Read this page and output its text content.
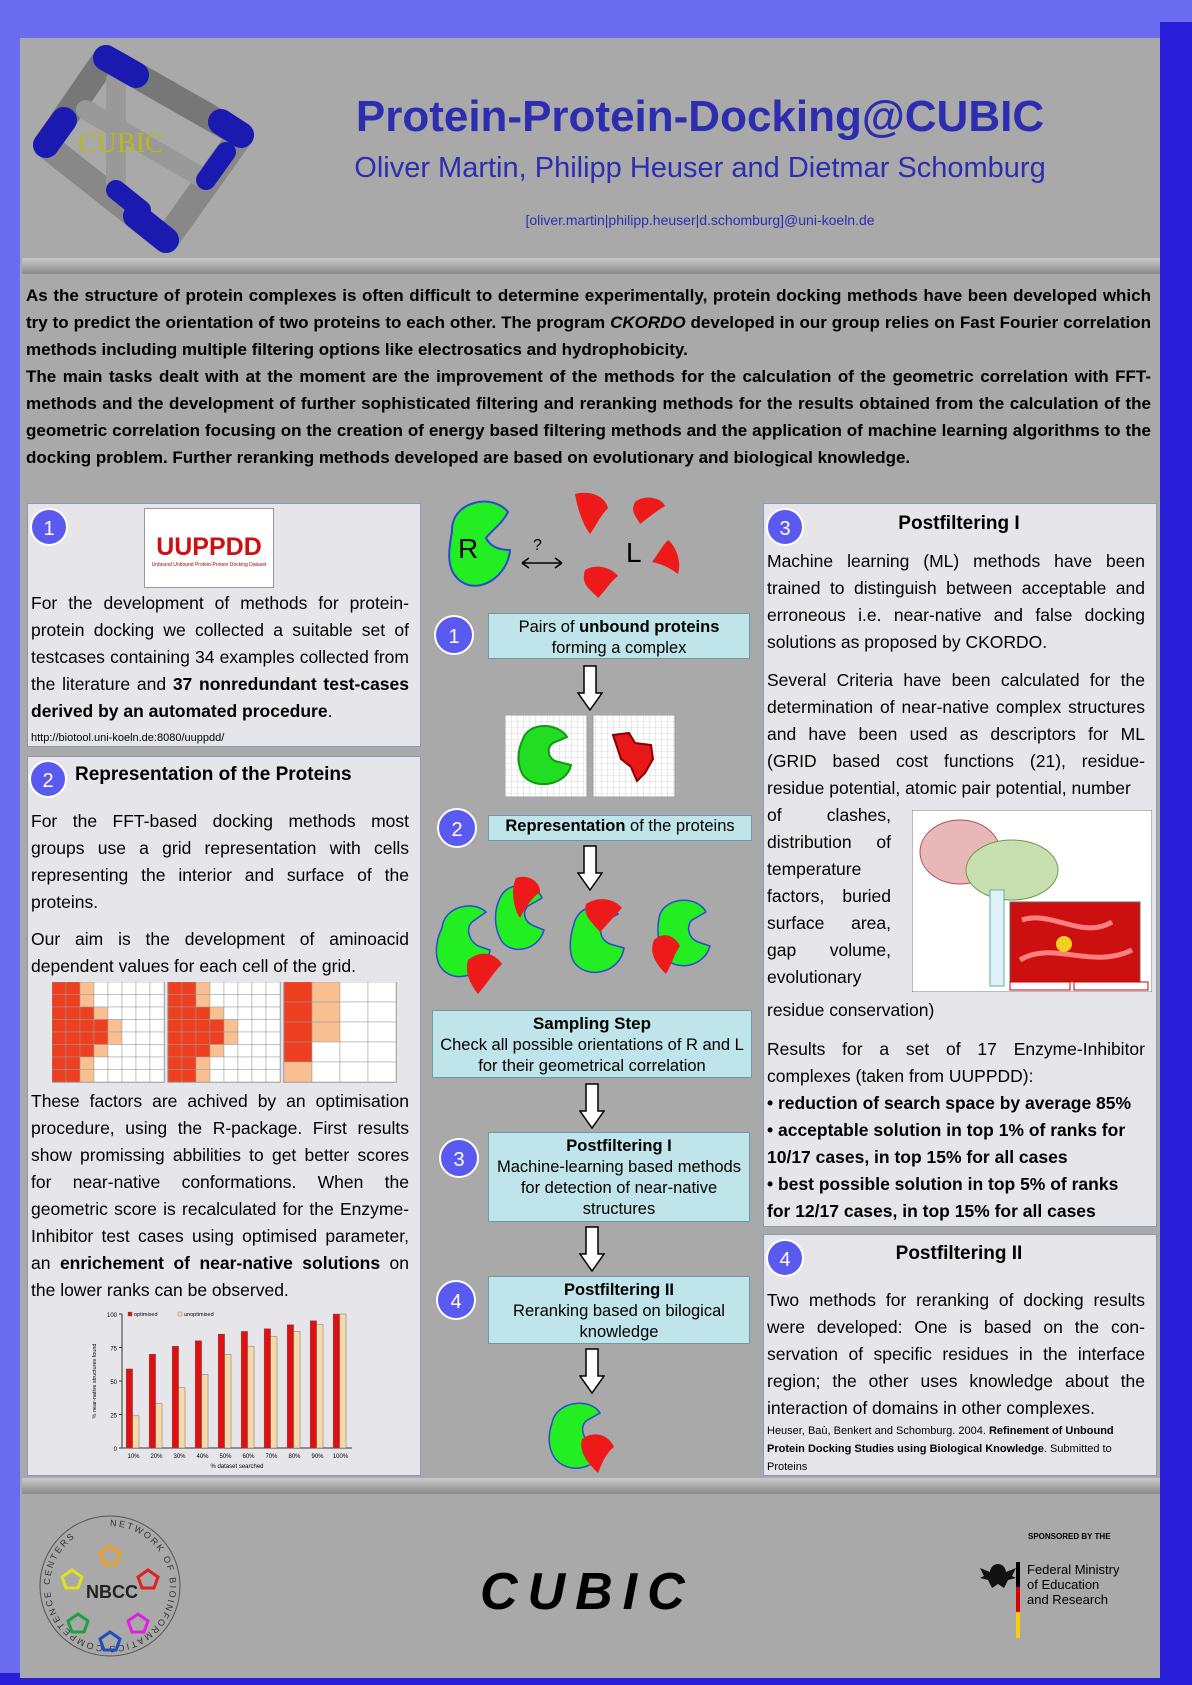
CUBIC
Protein-Protein-Docking@CUBIC
Oliver Martin, Philipp Heuser and Dietmar Schomburg
[oliver.martin|philipp.heuser|d.schomburg]@uni-koeln.de
As the structure of protein complexes is often difficult to determine experimentally, protein docking methods have been developed which try to predict the orientation of two proteins to each other. The program CKORDO developed in our group relies on Fast Fourier correlation methods including multiple filtering options like electrosatics and hydrophobicity.
The main tasks dealt with at the moment are the improvement of the methods for the calculation of the geometric correlation with FFT-methods and the development of further sophisticated filtering and reranking methods for the results obtained from the calculation of the geometric correlation focusing on the creation of energy based filtering methods and the application of machine learning algorithms to the docking problem. Further reranking methods developed are based on evolutionary and biological knowledge.
1
UUPPDD
Unbound Unbound Protein-Protein Docking Dataset
For the development of methods for protein-protein docking we collected a suitable set of testcases containing 34 examples collected from the literature and 37 nonredundant test-cases derived by an automated procedure.
http://biotool.uni-koeln.de:8080/uuppdd/
2	Representation of the Proteins
For the FFT-based docking methods most groups use a grid representation with cells representing the interior and surface of the proteins.
Our aim is the development of aminoacid dependent values for each cell of the grid.
These factors are achived by an optimisation procedure, using the R-package. First results show promissing abbilities to get better scores for near-native conformations. When the geometric score is recalculated for the Enzyme-Inhibitor test cases using optimised parameter, an enrichement of near-native solutions on the lower ranks can be observed.
0
25
50
75
100
10% 20% 30% 40% 50% 60% 70% 80% 90% 100%
% dataset searched
% near-native structures found
optimised	unoptimised
R	?	L
1	Pairs of unbound proteins
forming a complex
2	Representation of the proteins
Sampling Step
Check all possible orientations of R and L for their geometrical correlation
3
Postfiltering I
Machine-learning based methods for detection of near-native structures
4
Postfiltering II
Reranking based on bilogical knowledge
3	Postfiltering I
Machine learning (ML) methods have been trained to distinguish between acceptable and erroneous i.e. near-native and false docking solutions as proposed by CKORDO.
Several Criteria have been calculated for the determination of near-native complex structures and have been used as descriptors for ML (GRID based cost functions (21), residue-residue potential, atomic pair potential, number
of clashes, distribution of temperature factors, buried surface area, gap volume, evolutionary
residue conservation)
Results for a set of 17 Enzyme-Inhibitor complexes (taken from UUPPDD):
• reduction of search space by average 85%
• acceptable solution in top 1% of ranks for 10/17 cases, in top 15% for all cases
• best possible solution in top 5% of ranks for 12/17 cases, in top 15% for all cases
4	Postfiltering II
Two methods for reranking of docking results were developed: One is based on the con-servation of specific residues in the interface region; the other uses knowledge about the interaction of domains in other complexes.
Heuser, Baù, Benkert and Schomburg. 2004. Refinement of Unbound Protein Docking Studies using Biological Knowledge. Submitted to Proteins
NETWORK OF BIOINFORMATICS COMPETENCE CENTERS
NBCC	CUBIC
SPONSORED BY THE
Federal Ministry
of Education
and Research
